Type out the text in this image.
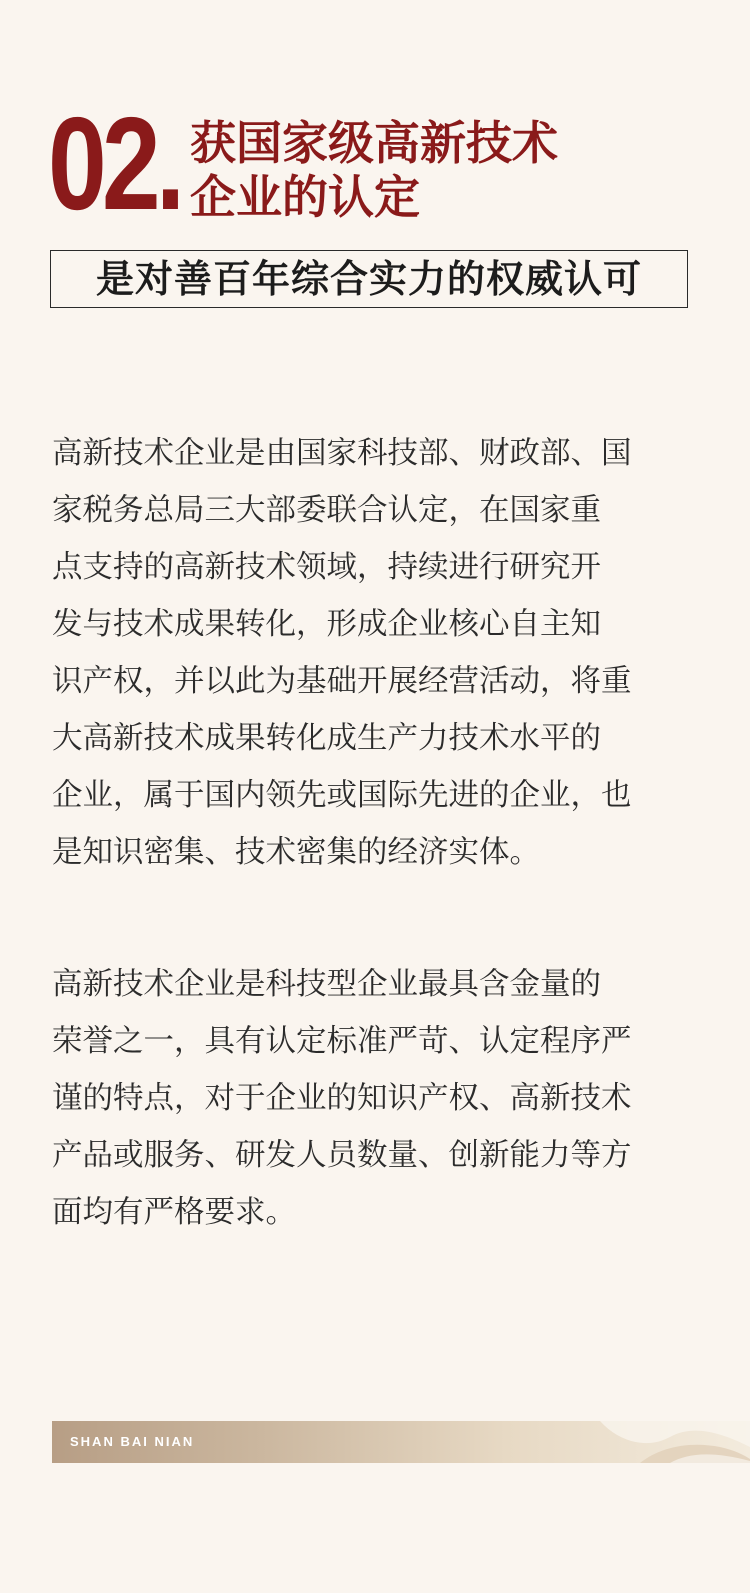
02. 获国家级高新技术
企业的认定
是对善百年综合实力的权威认可

高新技术企业是由国家科技部、财政部、国
家税务总局三大部委联合认定，在国家重
点支持的高新技术领域，持续进行研究开
发与技术成果转化，形成企业核心自主知
识产权，并以此为基础开展经营活动，将重
大高新技术成果转化成生产力技术水平的
企业，属于国内领先或国际先进的企业，也
是知识密集、技术密集的经济实体。

高新技术企业是科技型企业最具含金量的
荣誉之一，具有认定标准严苛、认定程序严
谨的特点，对于企业的知识产权、高新技术
产品或服务、研发人员数量、创新能力等方
面均有严格要求。

SHAN BAI NIAN
